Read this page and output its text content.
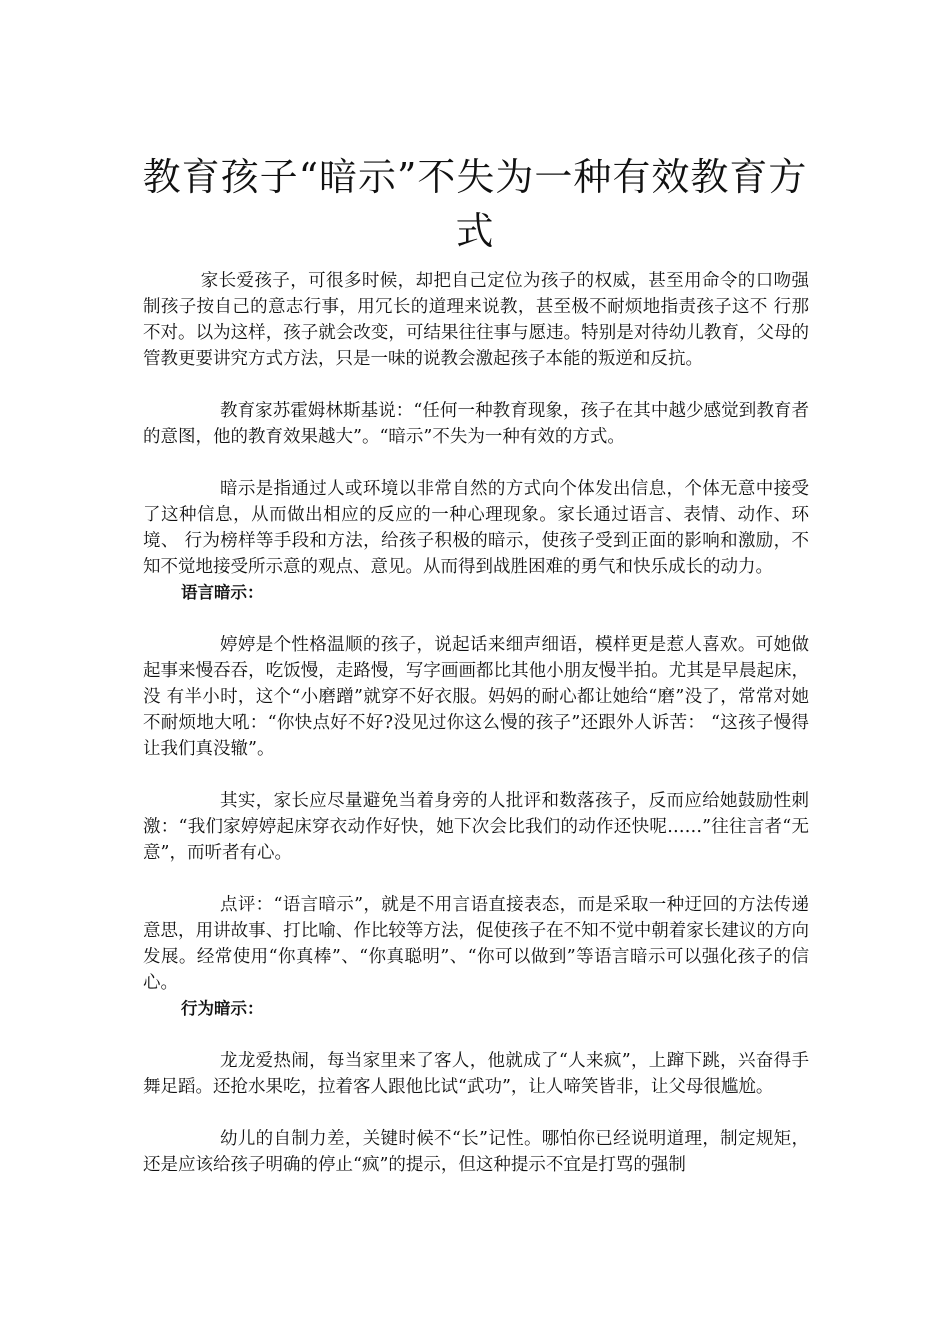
教育孩子“暗示”不失为一种有效教育方式

家长爱孩子，可很多时候，却把自己定位为孩子的权威，甚至用命令的口吻强制孩子按自己的意志行事，用冗长的道理来说教，甚至极不耐烦地指责孩子这不 行那不对。以为这样，孩子就会改变，可结果往往事与愿违。特别是对待幼儿教育，父母的管教更要讲究方式方法，只是一味的说教会激起孩子本能的叛逆和反抗。

教育家苏霍姆林斯基说：“任何一种教育现象，孩子在其中越少感觉到教育者的意图，他的教育效果越大”。“暗示”不失为一种有效的方式。

暗示是指通过人或环境以非常自然的方式向个体发出信息，个体无意中接受了这种信息，从而做出相应的反应的一种心理现象。家长通过语言、表情、动作、环境、 行为榜样等手段和方法，给孩子积极的暗示，使孩子受到正面的影响和激励，不知不觉地接受所示意的观点、意见。从而得到战胜困难的勇气和快乐成长的动力。

语言暗示：

婷婷是个性格温顺的孩子，说起话来细声细语，模样更是惹人喜欢。可她做起事来慢吞吞，吃饭慢，走路慢，写字画画都比其他小朋友慢半拍。尤其是早晨起床，没 有半小时，这个“小磨蹭”就穿不好衣服。妈妈的耐心都让她给“磨”没了，常常对她不耐烦地大吼：“你快点好不好?没见过你这么慢的孩子”还跟外人诉苦： “这孩子慢得让我们真没辙”。

其实，家长应尽量避免当着身旁的人批评和数落孩子，反而应给她鼓励性刺激：“我们家婷婷起床穿衣动作好快，她下次会比我们的动作还快呢……”往往言者“无意”，而听者有心。

点评：“语言暗示”，就是不用言语直接表态，而是采取一种迂回的方法传递意思，用讲故事、打比喻、作比较等方法，促使孩子在不知不觉中朝着家长建议的方向发展。经常使用“你真棒”、“你真聪明”、“你可以做到”等语言暗示可以强化孩子的信心。

行为暗示：

龙龙爱热闹，每当家里来了客人，他就成了“人来疯”，上蹿下跳，兴奋得手舞足蹈。还抢水果吃，拉着客人跟他比试“武功”，让人啼笑皆非，让父母很尴尬。

幼儿的自制力差，关键时候不“长”记性。哪怕你已经说明道理，制定规矩，还是应该给孩子明确的停止“疯”的提示，但这种提示不宜是打骂的强制
